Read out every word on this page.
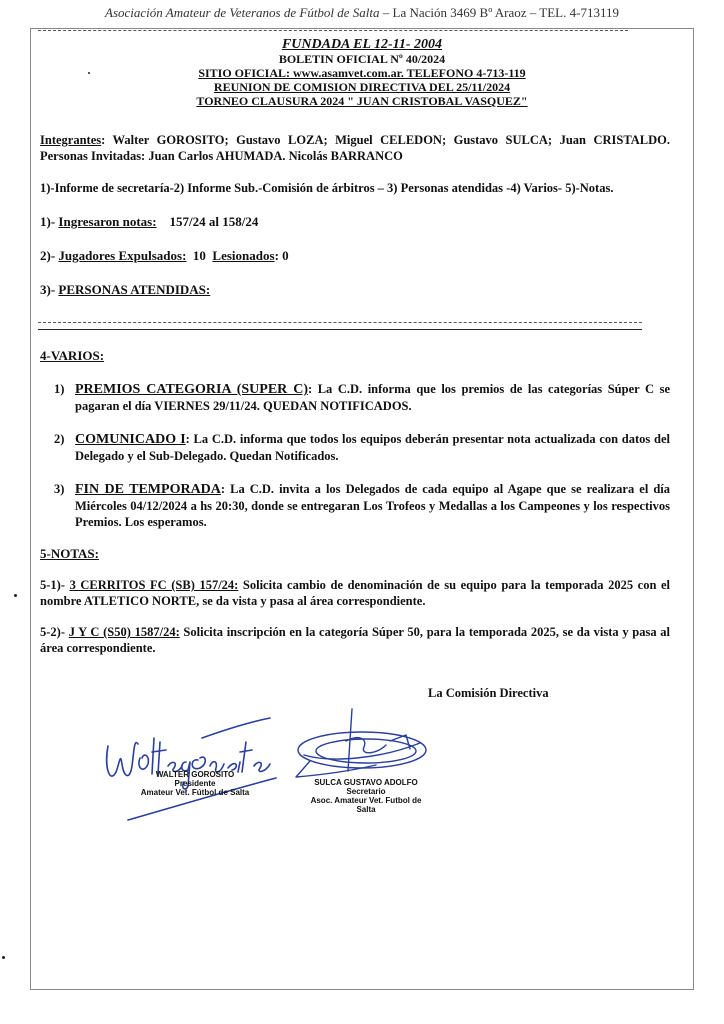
Asociación Amateur de Veteranos de Fútbol de Salta – La Nación 3469 Bº Araoz – TEL. 4-713119
FUNDADA EL 12-11- 2004
BOLETIN OFICIAL Nº 40/2024
SITIO OFICIAL: www.asamvet.com.ar. TELEFONO 4-713-119
REUNION DE COMISION DIRECTIVA DEL 25/11/2024
TORNEO CLAUSURA 2024 " JUAN CRISTOBAL VASQUEZ"
Integrantes: Walter GOROSITO; Gustavo LOZA; Miguel CELEDON; Gustavo SULCA; Juan CRISTALDO. Personas Invitadas: Juan Carlos AHUMADA. Nicolás BARRANCO
1)-Informe de secretaría-2) Informe Sub.-Comisión de árbitros – 3) Personas atendidas -4) Varios- 5)-Notas.
1)- Ingresaron notas: 157/24 al 158/24
2)- Jugadores Expulsados: 10 Lesionados: 0
3)- PERSONAS ATENDIDAS:
4-VARIOS:
1) PREMIOS CATEGORIA (SUPER C): La C.D. informa que los premios de las categorías Súper C se pagaran el día VIERNES 29/11/24. QUEDAN NOTIFICADOS.
2) COMUNICADO I: La C.D. informa que todos los equipos deberán presentar nota actualizada con datos del Delegado y el Sub-Delegado. Quedan Notificados.
3) FIN DE TEMPORADA: La C.D. invita a los Delegados de cada equipo al Agape que se realizara el día Miércoles 04/12/2024 a hs 20:30, donde se entregaran Los Trofeos y Medallas a los Campeones y los respectivos Premios. Los esperamos.
5-NOTAS:
5-1)- 3 CERRITOS FC (SB) 157/24: Solicita cambio de denominación de su equipo para la temporada 2025 con el nombre ATLETICO NORTE, se da vista y pasa al área correspondiente.
5-2)- J Y C (S50) 1587/24: Solicita inscripción en la categoría Súper 50, para la temporada 2025, se da vista y pasa al área correspondiente.
La Comisión Directiva
WALTER GOROSITO
Presidente
Amateur Vet. Fútbol de Salta
SULCA GUSTAVO ADOLFO
Secretario
Asoc. Amateur Vet. Futbol de Salta
